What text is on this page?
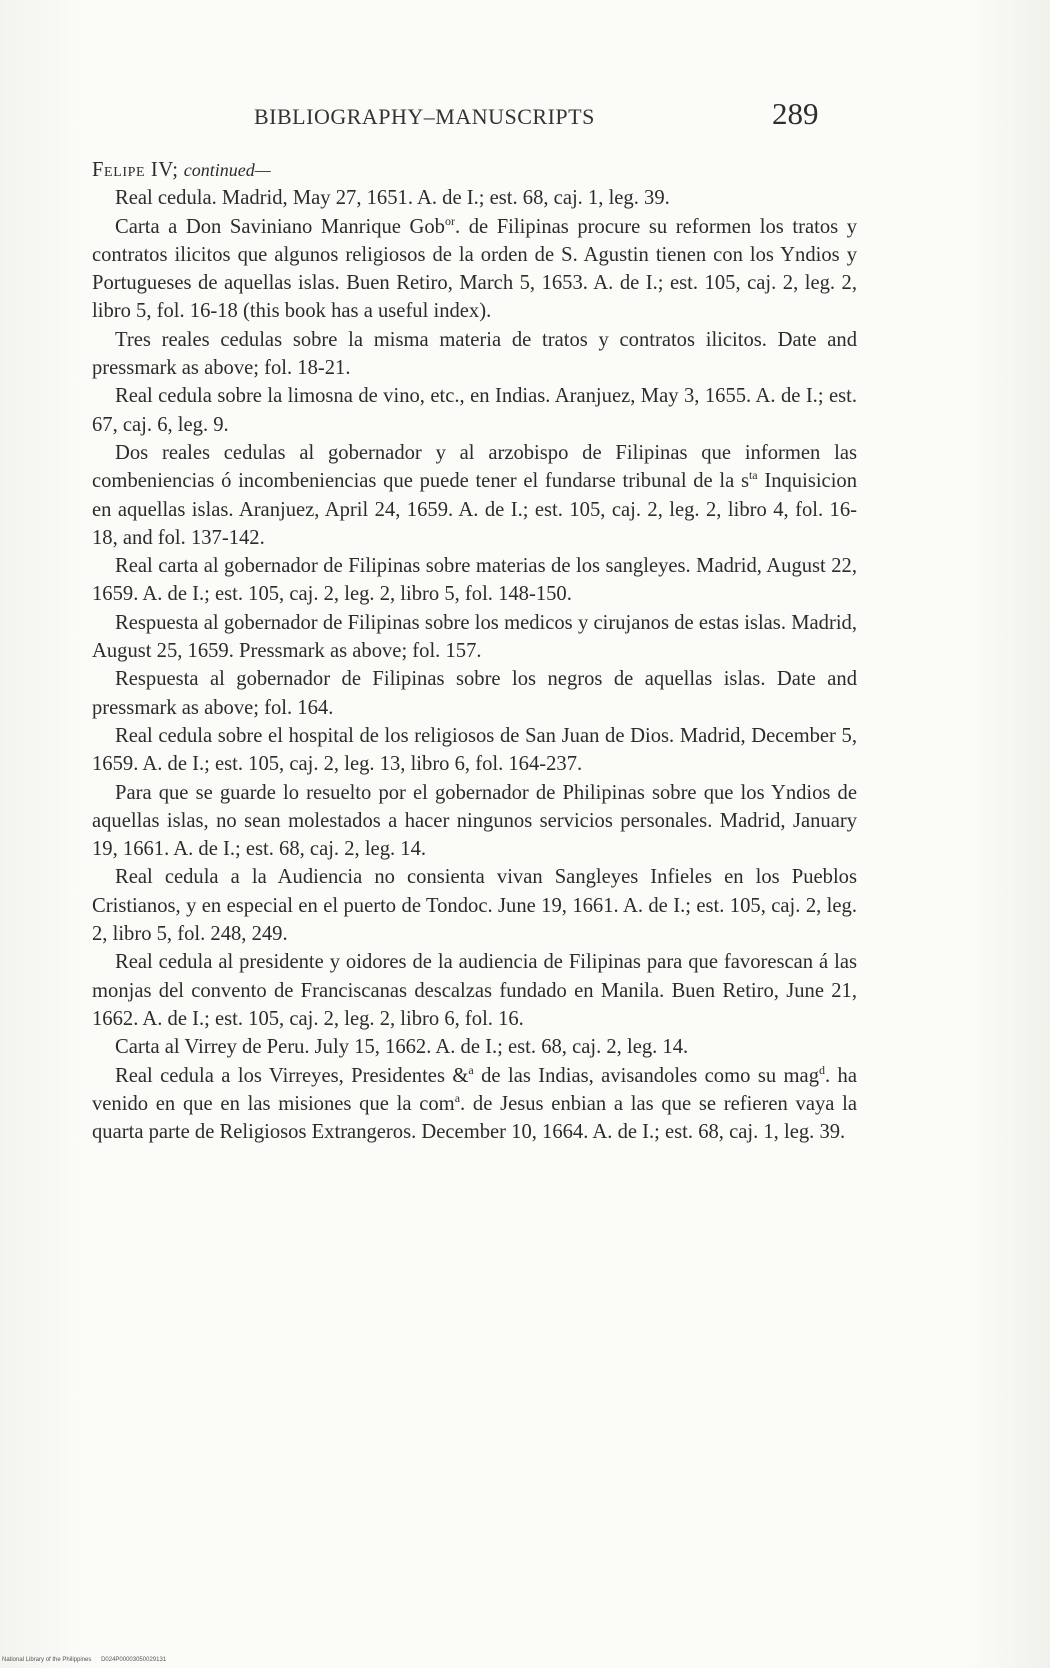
BIBLIOGRAPHY–MANUSCRIPTS	289

Felipe IV; continued—

Real cedula. Madrid, May 27, 1651. A. de I.; est. 68, caj. 1, leg. 39.

Carta a Don Saviniano Manrique Gob$^{or}$. de Filipinas procure su reformen los tratos y contratos ilicitos que algunos religiosos de la orden de S. Agustin tienen con los Yndios y Portugueses de aquellas islas. Buen Retiro, March 5, 1653. A. de I.; est. 105, caj. 2, leg. 2, libro 5, fol. 16-18 (this book has a useful index).

Tres reales cedulas sobre la misma materia de tratos y contratos ilicitos. Date and pressmark as above; fol. 18-21.

Real cedula sobre la limosna de vino, etc., en Indias. Aranjuez, May 3, 1655. A. de I.; est. 67, caj. 6, leg. 9.

Dos reales cedulas al gobernador y al arzobispo de Filipinas que informen las combeniencias ó incombeniencias que puede tener el fundarse tribunal de la $s^{ta}$ Inquisicion en aquellas islas. Aranjuez, April 24, 1659. A. de I.; est. 105, caj. 2, leg. 2, libro 4, fol. 16-18, and fol. 137-142.

Real carta al gobernador de Filipinas sobre materias de los sangleyes. Madrid, August 22, 1659. A. de I.; est. 105, caj. 2, leg. 2, libro 5, fol. 148-150.

Respuesta al gobernador de Filipinas sobre los medicos y cirujanos de estas islas. Madrid, August 25, 1659. Pressmark as above; fol. 157.

Respuesta al gobernador de Filipinas sobre los negros de aquellas islas. Date and pressmark as above; fol. 164.

Real cedula sobre el hospital de los religiosos de San Juan de Dios. Madrid, December 5, 1659. A. de I.; est. 105, caj. 2, leg. 13, libro 6, fol. 164-237.

Para que se guarde lo resuelto por el gobernador de Philipinas sobre que los Yndios de aquellas islas, no sean molestados a hacer ningunos servicios personales. Madrid, January 19, 1661. A. de I.; est. 68, caj. 2, leg. 14.

Real cedula a la Audiencia no consienta vivan Sangleyes Infieles en los Pueblos Cristianos, y en especial en el puerto de Tondoc. June 19, 1661. A. de I.; est. 105, caj. 2, leg. 2, libro 5, fol. 248, 249.

Real cedula al presidente y oidores de la audiencia de Filipinas para que favorescan á las monjas del convento de Franciscanas descalzas fundado en Manila. Buen Retiro, June 21, 1662. A. de I.; est. 105, caj. 2, leg. 2, libro 6, fol. 16.

Carta al Virrey de Peru. July 15, 1662. A. de I.; est. 68, caj. 2, leg. 14.

Real cedula a los Virreyes, Presidentes &$^a$ de las Indias, avisandoles como su mag$^d$. ha venido en que en las misiones que la com$^a$. de Jesus enbian a las que se refieren vaya la quarta parte de Religiosos Extrangeros. December 10, 1664. A. de I.; est. 68, caj. 1, leg. 39.

National Library of the Philippines D024P00003050029131
